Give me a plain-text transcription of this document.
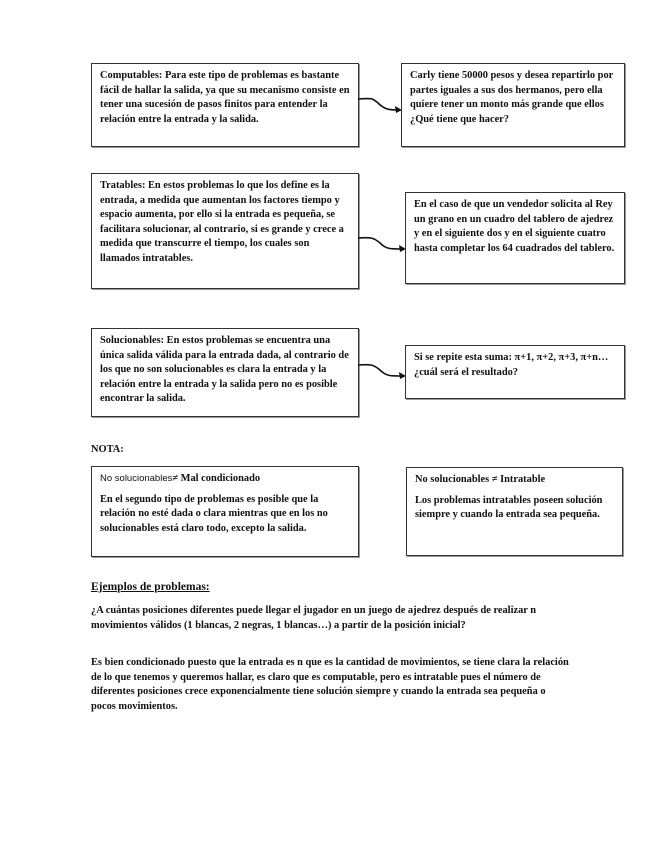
Computables: Para este tipo de problemas es bastante fácil de hallar la salida, ya que su mecanismo consiste en tener una sucesión de pasos finitos para entender la relación entre la entrada y la salida.
Carly tiene 50000 pesos y desea repartirlo por partes iguales a sus dos hermanos, pero ella quiere tener un monto más grande que ellos ¿Qué tiene que hacer?
Tratables: En estos problemas lo que los define es la entrada, a medida que aumentan los factores tiempo y espacio aumenta, por ello si la entrada es pequeña, se facilitara solucionar, al contrario, si es grande y crece a medida que transcurre el tiempo, los cuales son llamados intratables.
En el caso de que un vendedor solicita al Rey un grano en un cuadro del tablero de ajedrez y en el siguiente dos y en el siguiente cuatro hasta completar los 64 cuadrados del tablero.
Solucionables: En estos problemas se encuentra una única salida válida para la entrada dada, al contrario de los que no son solucionables es clara la entrada y la relación entre la entrada y la salida pero no es posible encontrar la salida.
Si se repite esta suma: π+1, π+2, π+3, π+n… ¿cuál será el resultado?
NOTA:

No solucionables≠ Mal condicionado

En el segundo tipo de problemas es posible que la relación no esté dada o clara mientras que en los no solucionables está claro todo, excepto la salida.

No solucionables ≠ Intratable

Los problemas intratables poseen solución siempre y cuando la entrada sea pequeña.
Ejemplos de problemas:
¿A cuántas posiciones diferentes puede llegar el jugador en un juego de ajedrez después de realizar n movimientos válidos (1 blancas, 2 negras, 1 blancas…) a partir de la posición inicial?
Es bien condicionado puesto que la entrada es n que es la cantidad de movimientos, se tiene clara la relación de lo que tenemos y queremos hallar, es claro que es computable, pero es intratable pues el número de diferentes posiciones crece exponencialmente tiene solución siempre y cuando la entrada sea pequeña o pocos movimientos.
